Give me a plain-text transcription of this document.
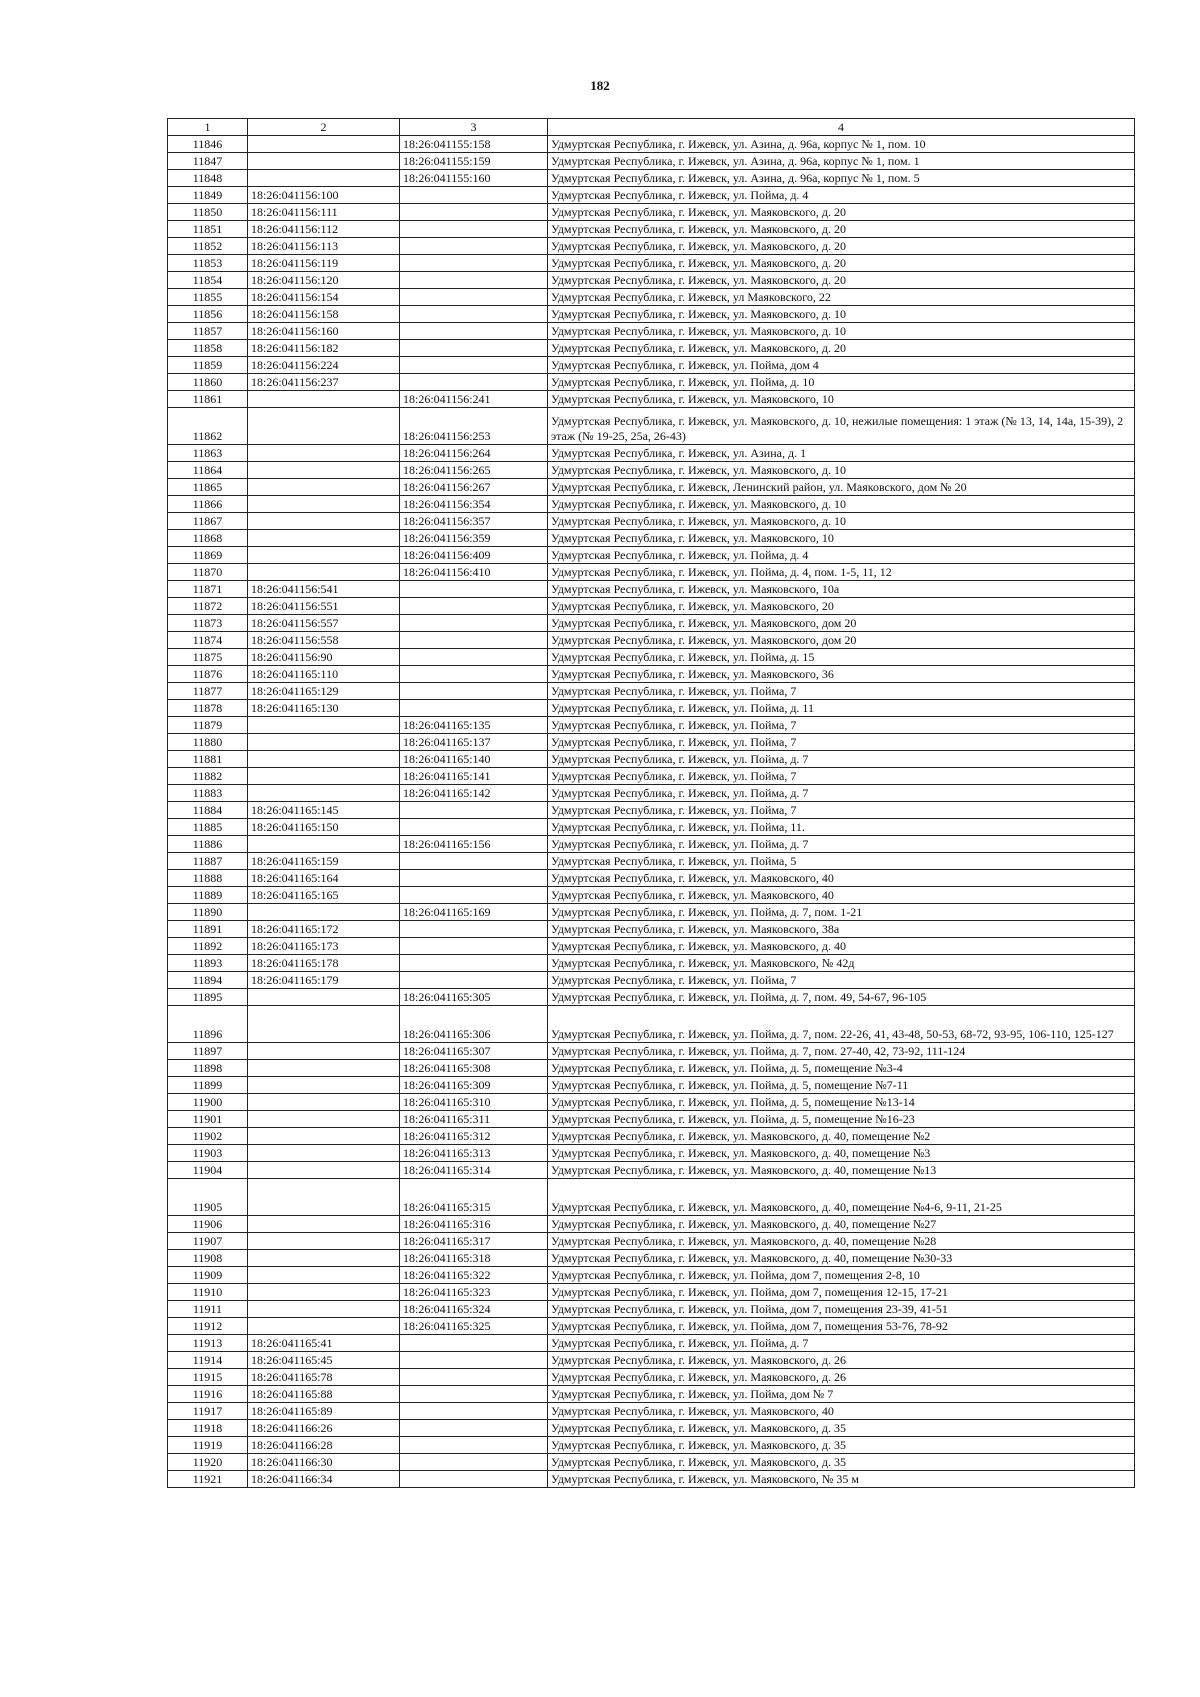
182
1	2	3	4
11846		18:26:041155:158	Удмуртская Республика, г. Ижевск, ул. Азина, д. 96а, корпус № 1, пом. 10
11847		18:26:041155:159	Удмуртская Республика, г. Ижевск, ул. Азина, д. 96а, корпус № 1, пом. 1
11848		18:26:041155:160	Удмуртская Республика, г. Ижевск, ул. Азина, д. 96а, корпус № 1, пом. 5
11849	18:26:041156:100		Удмуртская Республика, г. Ижевск, ул. Пойма, д. 4
11850	18:26:041156:111		Удмуртская Республика, г. Ижевск, ул. Маяковского, д. 20
11851	18:26:041156:112		Удмуртская Республика, г. Ижевск, ул. Маяковского, д. 20
11852	18:26:041156:113		Удмуртская Республика, г. Ижевск, ул. Маяковского, д. 20
11853	18:26:041156:119		Удмуртская Республика, г. Ижевск, ул. Маяковского, д. 20
11854	18:26:041156:120		Удмуртская Республика, г. Ижевск, ул. Маяковского, д. 20
11855	18:26:041156:154		Удмуртская Республика, г. Ижевск, ул Маяковского, 22
11856	18:26:041156:158		Удмуртская Республика, г. Ижевск, ул. Маяковского, д. 10
11857	18:26:041156:160		Удмуртская Республика, г. Ижевск, ул. Маяковского, д. 10
11858	18:26:041156:182		Удмуртская Республика, г. Ижевск, ул. Маяковского, д. 20
11859	18:26:041156:224		Удмуртская Республика, г. Ижевск, ул. Пойма, дом 4
11860	18:26:041156:237		Удмуртская Республика, г. Ижевск, ул. Пойма, д. 10
11861		18:26:041156:241	Удмуртская Республика, г. Ижевск, ул. Маяковского, 10
11862		18:26:041156:253	Удмуртская Республика, г. Ижевск, ул. Маяковского, д. 10, нежилые помещения: 1 этаж (№ 13, 14, 14а, 15-39), 2 этаж (№ 19-25, 25а, 26-43)
11863		18:26:041156:264	Удмуртская Республика, г. Ижевск, ул. Азина, д. 1
11864		18:26:041156:265	Удмуртская Республика, г. Ижевск, ул. Маяковского, д. 10
11865		18:26:041156:267	Удмуртская Республика, г. Ижевск, Ленинский район, ул. Маяковского, дом № 20
11866		18:26:041156:354	Удмуртская Республика, г. Ижевск, ул. Маяковского, д. 10
11867		18:26:041156:357	Удмуртская Республика, г. Ижевск, ул. Маяковского, д. 10
11868		18:26:041156:359	Удмуртская Республика, г. Ижевск, ул. Маяковского, 10
11869		18:26:041156:409	Удмуртская Республика, г. Ижевск, ул. Пойма, д. 4
11870		18:26:041156:410	Удмуртская Республика, г. Ижевск, ул. Пойма, д. 4, пом. 1-5, 11, 12
11871	18:26:041156:541		Удмуртская Республика, г. Ижевск, ул. Маяковского, 10а
11872	18:26:041156:551		Удмуртская Республика, г. Ижевск, ул. Маяковского, 20
11873	18:26:041156:557		Удмуртская Республика, г. Ижевск, ул. Маяковского, дом 20
11874	18:26:041156:558		Удмуртская Республика, г. Ижевск, ул. Маяковского, дом 20
11875	18:26:041156:90		Удмуртская Республика, г. Ижевск, ул. Пойма, д. 15
11876	18:26:041165:110		Удмуртская Республика, г. Ижевск, ул. Маяковского, 36
11877	18:26:041165:129		Удмуртская Республика, г. Ижевск, ул. Пойма, 7
11878	18:26:041165:130		Удмуртская Республика, г. Ижевск, ул. Пойма, д. 11
11879		18:26:041165:135	Удмуртская Республика, г. Ижевск, ул. Пойма, 7
11880		18:26:041165:137	Удмуртская Республика, г. Ижевск, ул. Пойма, 7
11881		18:26:041165:140	Удмуртская Республика, г. Ижевск, ул. Пойма, д. 7
11882		18:26:041165:141	Удмуртская Республика, г. Ижевск, ул. Пойма, 7
11883		18:26:041165:142	Удмуртская Республика, г. Ижевск, ул. Пойма, д. 7
11884	18:26:041165:145		Удмуртская Республика, г. Ижевск, ул. Пойма, 7
11885	18:26:041165:150		Удмуртская Республика, г. Ижевск, ул. Пойма, 11.
11886		18:26:041165:156	Удмуртская Республика, г. Ижевск, ул. Пойма, д. 7
11887	18:26:041165:159		Удмуртская Республика, г. Ижевск, ул. Пойма, 5
11888	18:26:041165:164		Удмуртская Республика, г. Ижевск, ул. Маяковского, 40
11889	18:26:041165:165		Удмуртская Республика, г. Ижевск, ул. Маяковского, 40
11890		18:26:041165:169	Удмуртская Республика, г. Ижевск, ул. Пойма, д. 7, пом. 1-21
11891	18:26:041165:172		Удмуртская Республика, г. Ижевск, ул. Маяковского, 38а
11892	18:26:041165:173		Удмуртская Республика, г. Ижевск, ул. Маяковского, д. 40
11893	18:26:041165:178		Удмуртская Республика, г. Ижевск, ул. Маяковского, № 42д
11894	18:26:041165:179		Удмуртская Республика, г. Ижевск, ул. Пойма, 7
11895		18:26:041165:305	Удмуртская Республика, г. Ижевск, ул. Пойма, д. 7, пом. 49, 54-67, 96-105
11896		18:26:041165:306	Удмуртская Республика, г. Ижевск, ул. Пойма, д. 7, пом. 22-26, 41, 43-48, 50-53, 68-72, 93-95, 106-110, 125-127
11897		18:26:041165:307	Удмуртская Республика, г. Ижевск, ул. Пойма, д. 7, пом. 27-40, 42, 73-92, 111-124
11898		18:26:041165:308	Удмуртская Республика, г. Ижевск, ул. Пойма, д. 5, помещение №3-4
11899		18:26:041165:309	Удмуртская Республика, г. Ижевск, ул. Пойма, д. 5, помещение №7-11
11900		18:26:041165:310	Удмуртская Республика, г. Ижевск, ул. Пойма, д. 5, помещение №13-14
11901		18:26:041165:311	Удмуртская Республика, г. Ижевск, ул. Пойма, д. 5, помещение №16-23
11902		18:26:041165:312	Удмуртская Республика, г. Ижевск, ул. Маяковского, д. 40, помещение №2
11903		18:26:041165:313	Удмуртская Республика, г. Ижевск, ул. Маяковского, д. 40, помещение №3
11904		18:26:041165:314	Удмуртская Республика, г. Ижевск, ул. Маяковского, д. 40, помещение №13
11905		18:26:041165:315	Удмуртская Республика, г. Ижевск, ул. Маяковского, д. 40, помещение №4-6, 9-11, 21-25
11906		18:26:041165:316	Удмуртская Республика, г. Ижевск, ул. Маяковского, д. 40, помещение №27
11907		18:26:041165:317	Удмуртская Республика, г. Ижевск, ул. Маяковского, д. 40, помещение №28
11908		18:26:041165:318	Удмуртская Республика, г. Ижевск, ул. Маяковского, д. 40, помещение №30-33
11909		18:26:041165:322	Удмуртская Республика, г. Ижевск, ул. Пойма, дом 7, помещения 2-8, 10
11910		18:26:041165:323	Удмуртская Республика, г. Ижевск, ул. Пойма, дом 7, помещения 12-15, 17-21
11911		18:26:041165:324	Удмуртская Республика, г. Ижевск, ул. Пойма, дом 7, помещения 23-39, 41-51
11912		18:26:041165:325	Удмуртская Республика, г. Ижевск, ул. Пойма, дом 7, помещения 53-76, 78-92
11913	18:26:041165:41		Удмуртская Республика, г. Ижевск, ул. Пойма, д. 7
11914	18:26:041165:45		Удмуртская Республика, г. Ижевск, ул. Маяковского, д. 26
11915	18:26:041165:78		Удмуртская Республика, г. Ижевск, ул. Маяковского, д. 26
11916	18:26:041165:88		Удмуртская Республика, г. Ижевск, ул. Пойма, дом № 7
11917	18:26:041165:89		Удмуртская Республика, г. Ижевск, ул. Маяковского, 40
11918	18:26:041166:26		Удмуртская Республика, г. Ижевск, ул. Маяковского, д. 35
11919	18:26:041166:28		Удмуртская Республика, г. Ижевск, ул. Маяковского, д. 35
11920	18:26:041166:30		Удмуртская Республика, г. Ижевск, ул. Маяковского, д. 35
11921	18:26:041166:34		Удмуртская Республика, г. Ижевск, ул. Маяковского, № 35 м
